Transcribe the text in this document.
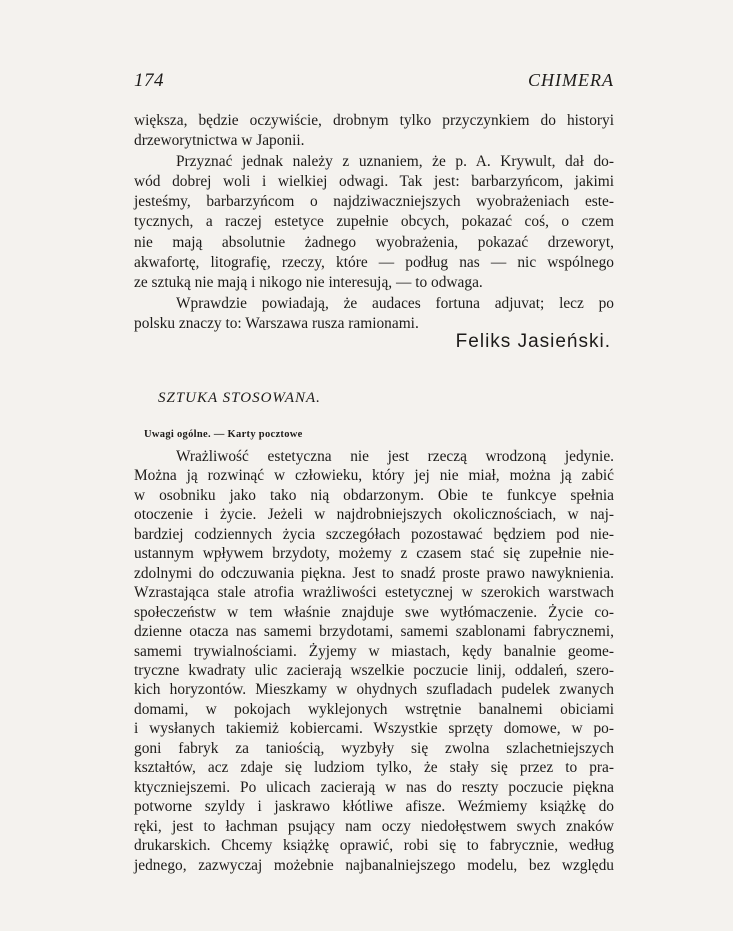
174	CHIMERA
większa, będzie oczywiście, drobnym tylko przyczynkiem do historyi
drzeworytnictwa w Japonii.
Przyznać jednak należy z uznaniem, że p. A. Krywult, dał do-
wód dobrej woli i wielkiej odwagi. Tak jest: barbarzyńcom, jakimi
jesteśmy, barbarzyńcom o najdziwaczniejszych wyobrażeniach este-
tycznych, a raczej estetyce zupełnie obcych, pokazać coś, o czem
nie mają absolutnie żadnego wyobrażenia, pokazać drzeworyt,
akwafortę, litografię, rzeczy, które — podług nas — nic wspólnego
ze sztuką nie mają i nikogo nie interesują, — to odwaga.
Wprawdzie powiadają, że audaces fortuna adjuvat; lecz po
polsku znaczy to: Warszawa rusza ramionami.
Feliks Jasieński.
SZTUKA STOSOWANA.
Uwagi ogólne. — Karty pocztowe
Wrażliwość estetyczna nie jest rzeczą wrodzoną jedynie.
Można ją rozwinąć w człowieku, który jej nie miał, można ją zabić
w osobniku jako tako nią obdarzonym. Obie te funkcye spełnia
otoczenie i życie. Jeżeli w najdrobniejszych okolicznościach, w naj-
bardziej codziennych życia szczegółach pozostawać będziem pod nie-
ustannym wpływem brzydoty, możemy z czasem stać się zupełnie nie-
zdolnymi do odczuwania piękna. Jest to snadź proste prawo nawyknienia.
Wzrastająca stale atrofia wrażliwości estetycznej w szerokich warstwach
społeczeństw w tem właśnie znajduje swe wytłómaczenie. Życie co-
dzienne otacza nas samemi brzydotami, samemi szablonami fabrycznemi,
samemi trywialnościami. Żyjemy w miastach, kędy banalnie geome-
tryczne kwadraty ulic zacierają wszelkie poczucie linij, oddaleń, szero-
kich horyzontów. Mieszkamy w ohydnych szufladach pudelek zwanych
domami, w pokojach wyklejonych wstrętnie banalnemi obiciami
i wysłanych takiemiż kobiercami. Wszystkie sprzęty domowe, w po-
goni fabryk za taniością, wyzbyły się zwolna szlachetniejszych
kształtów, acz zdaje się ludziom tylko, że stały się przez to pra-
ktyczniejszemi. Po ulicach zacierają w nas do reszty poczucie piękna
potworne szyldy i jaskrawo kłótliwe afisze. Weźmiemy książkę do
ręki, jest to łachman psujący nam oczy niedołęstwem swych znaków
drukarskich. Chcemy książkę oprawić, robi się to fabrycznie, według
jednego, zazwyczaj możebnie najbanalniejszego modelu, bez względu
